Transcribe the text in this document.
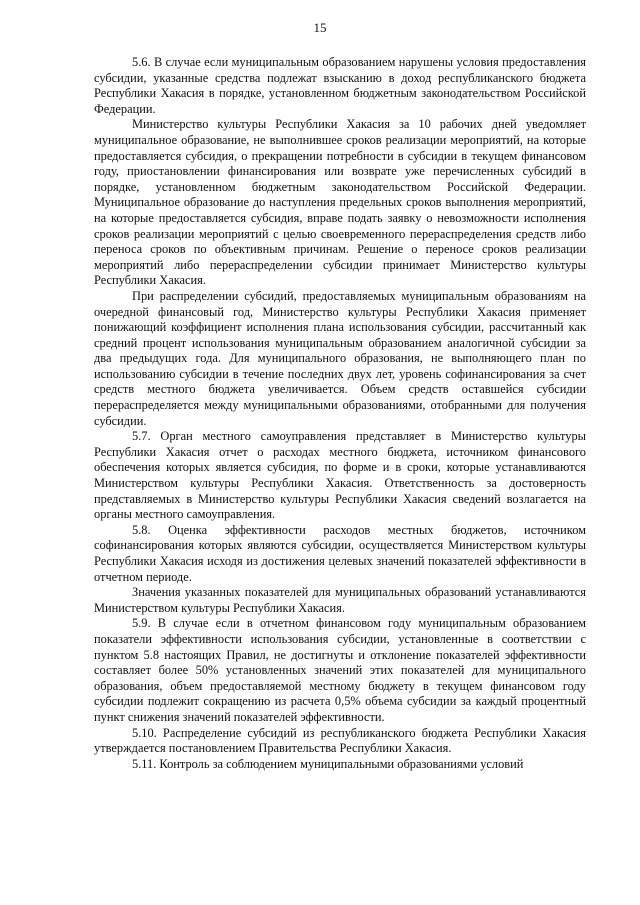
15

5.6. В случае если муниципальным образованием нарушены условия предоставления субсидии, указанные средства подлежат взысканию в доход республиканского бюджета Республики Хакасия в порядке, установленном бюджетным законодательством Российской Федерации.

Министерство культуры Республики Хакасия за 10 рабочих дней уведомляет муниципальное образование, не выполнившее сроков реализации мероприятий, на которые предоставляется субсидия, о прекращении потребности в субсидии в текущем финансовом году, приостановлении финансирования или возврате уже перечисленных субсидий в порядке, установленном бюджетным законодательством Российской Федерации. Муниципальное образование до наступления предельных сроков выполнения мероприятий, на которые предоставляется субсидия, вправе подать заявку о невозможности исполнения сроков реализации мероприятий с целью своевременного перераспределения средств либо переноса сроков по объективным причинам. Решение о переносе сроков реализации мероприятий либо перераспределении субсидии принимает Министерство культуры Республики Хакасия.

При распределении субсидий, предоставляемых муниципальным образованиям на очередной финансовый год, Министерство культуры Республики Хакасия применяет понижающий коэффициент исполнения плана использования субсидии, рассчитанный как средний процент использования муниципальным образованием аналогичной субсидии за два предыдущих года. Для муниципального образования, не выполняющего план по использованию субсидии в течение последних двух лет, уровень софинансирования за счет средств местного бюджета увеличивается. Объем средств оставшейся субсидии перераспределяется между муниципальными образованиями, отобранными для получения субсидии.

5.7. Орган местного самоуправления представляет в Министерство культуры Республики Хакасия отчет о расходах местного бюджета, источником финансового обеспечения которых является субсидия, по форме и в сроки, которые устанавливаются Министерством культуры Республики Хакасия. Ответственность за достоверность представляемых в Министерство культуры Республики Хакасия сведений возлагается на органы местного самоуправления.

5.8. Оценка эффективности расходов местных бюджетов, источником софинансирования которых являются субсидии, осуществляется Министерством культуры Республики Хакасия исходя из достижения целевых значений показателей эффективности в отчетном периоде.

Значения указанных показателей для муниципальных образований устанавливаются Министерством культуры Республики Хакасия.

5.9. В случае если в отчетном финансовом году муниципальным образованием показатели эффективности использования субсидии, установленные в соответствии с пунктом 5.8 настоящих Правил, не достигнуты и отклонение показателей эффективности составляет более 50% установленных значений этих показателей для муниципального образования, объем предоставляемой местному бюджету в текущем финансовом году субсидии подлежит сокращению из расчета 0,5% объема субсидии за каждый процентный пункт снижения значений показателей эффективности.

5.10. Распределение субсидий из республиканского бюджета Республики Хакасия утверждается постановлением Правительства Республики Хакасия.

5.11. Контроль за соблюдением муниципальными образованиями условий
